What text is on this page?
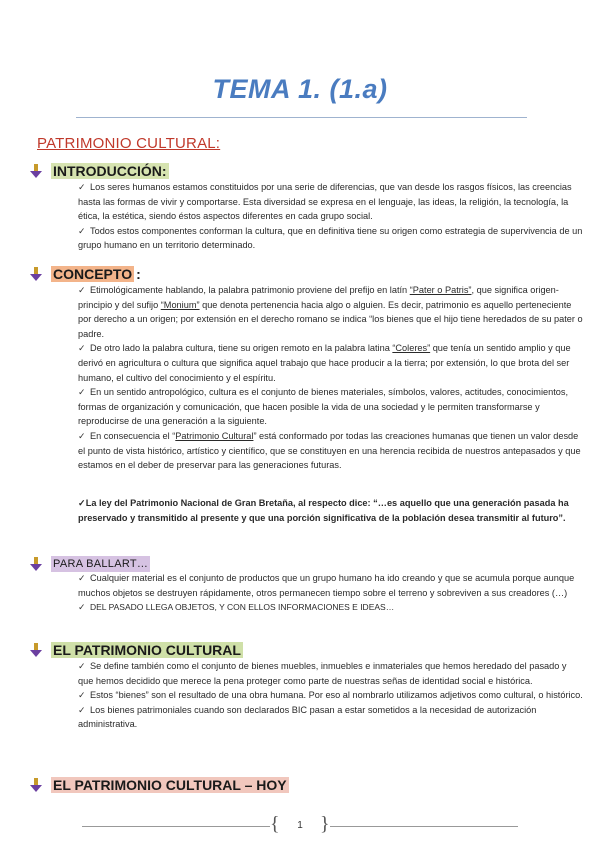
TEMA 1. (1.a)
PATRIMONIO CULTURAL:
INTRODUCCIÓN:
✓ Los seres humanos estamos constituidos por una serie de diferencias, que van desde los rasgos físicos, las creencias hasta las formas de vivir y comportarse. Esta diversidad se expresa en el lenguaje, las ideas, la religión, la tecnología, la ética, la estética, siendo éstos aspectos diferentes en cada grupo social.
✓ Todos estos componentes conforman la cultura, que en definitiva tiene su origen como estrategia de supervivencia de un grupo humano en un territorio determinado.
CONCEPTO :
✓ Etimológicamente hablando, la palabra patrimonio proviene del prefijo en latín “Pater o Patris”, que significa origen-principio y del sufijo “Monium” que denota pertenencia hacia algo o alguien. Es decir, patrimonio es aquello perteneciente por derecho a un origen; por extensión en el derecho romano se indica “los bienes que el hijo tiene heredados de su pater o padre.
✓ De otro lado la palabra cultura, tiene su origen remoto en la palabra latina “Coleres” que tenía un sentido amplio y que derivó en agricultura o cultura que significa aquel trabajo que hace producir a la tierra; por extensión, lo que brota del ser humano, el cultivo del conocimiento y el espíritu.
✓ En un sentido antropológico, cultura es el conjunto de bienes materiales, símbolos, valores, actitudes, conocimientos, formas de organización y comunicación, que hacen posible la vida de una sociedad y le permiten transformarse y reproducirse de una generación a la siguiente.
✓ En consecuencia el “Patrimonio Cultural” está conformado por todas las creaciones humanas que tienen un valor desde el punto de vista histórico, artístico y científico, que se constituyen en una herencia recibida de nuestros antepasados y que estamos en el deber de preservar para las generaciones futuras.
✓La ley del Patrimonio Nacional de Gran Bretaña, al respecto dice: “…es aquello que una generación pasada ha preservado y transmitido al presente y que una porción significativa de la población desea transmitir al futuro”.
PARA BALLART…
✓ Cualquier material es el conjunto de productos que un grupo humano ha ido creando y que se acumula porque aunque muchos objetos se destruyen rápidamente, otros permanecen tiempo sobre el terreno y sobreviven a sus creadores (…)
✓ DEL PASADO LLEGA OBJETOS, Y CON ELLOS INFORMACIONES E IDEAS…
EL PATRIMONIO CULTURAL
✓ Se define también como el conjunto de bienes muebles, inmuebles e inmateriales que hemos heredado del pasado y que hemos decidido que merece la pena proteger como parte de nuestras señas de identidad social e histórica.
✓ Estos “bienes” son el resultado de una obra humana. Por eso al nombrarlo utilizamos adjetivos como cultural, o histórico.
✓ Los bienes patrimoniales cuando son declarados BIC pasan a estar sometidos a la necesidad de autorización administrativa.
EL PATRIMONIO CULTURAL – HOY
{ }
1
